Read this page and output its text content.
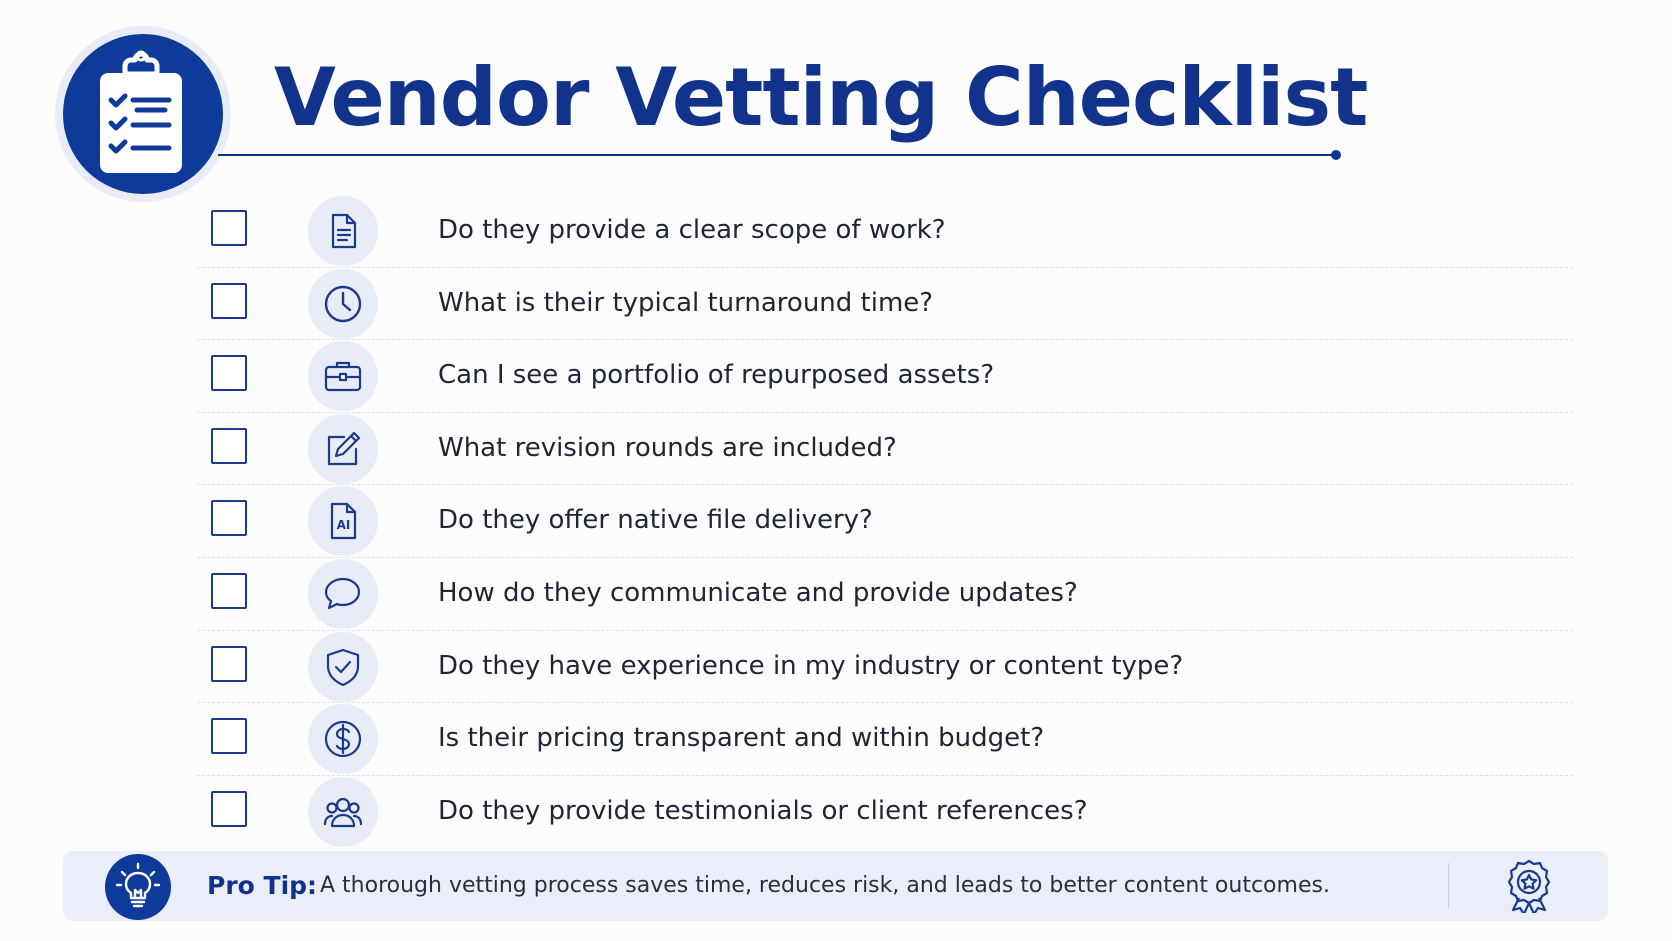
Vendor Vetting Checklist
Do they provide a clear scope of work?
What is their typical turnaround time?
Can I see a portfolio of repurposed assets?
What revision rounds are included?
AI	Do they offer native file delivery?
How do they communicate and provide updates?
Do they have experience in my industry or content type?
Is their pricing transparent and within budget?
Do they provide testimonials or client references?
Pro Tip: A thorough vetting process saves time, reduces risk, and leads to better content outcomes.
